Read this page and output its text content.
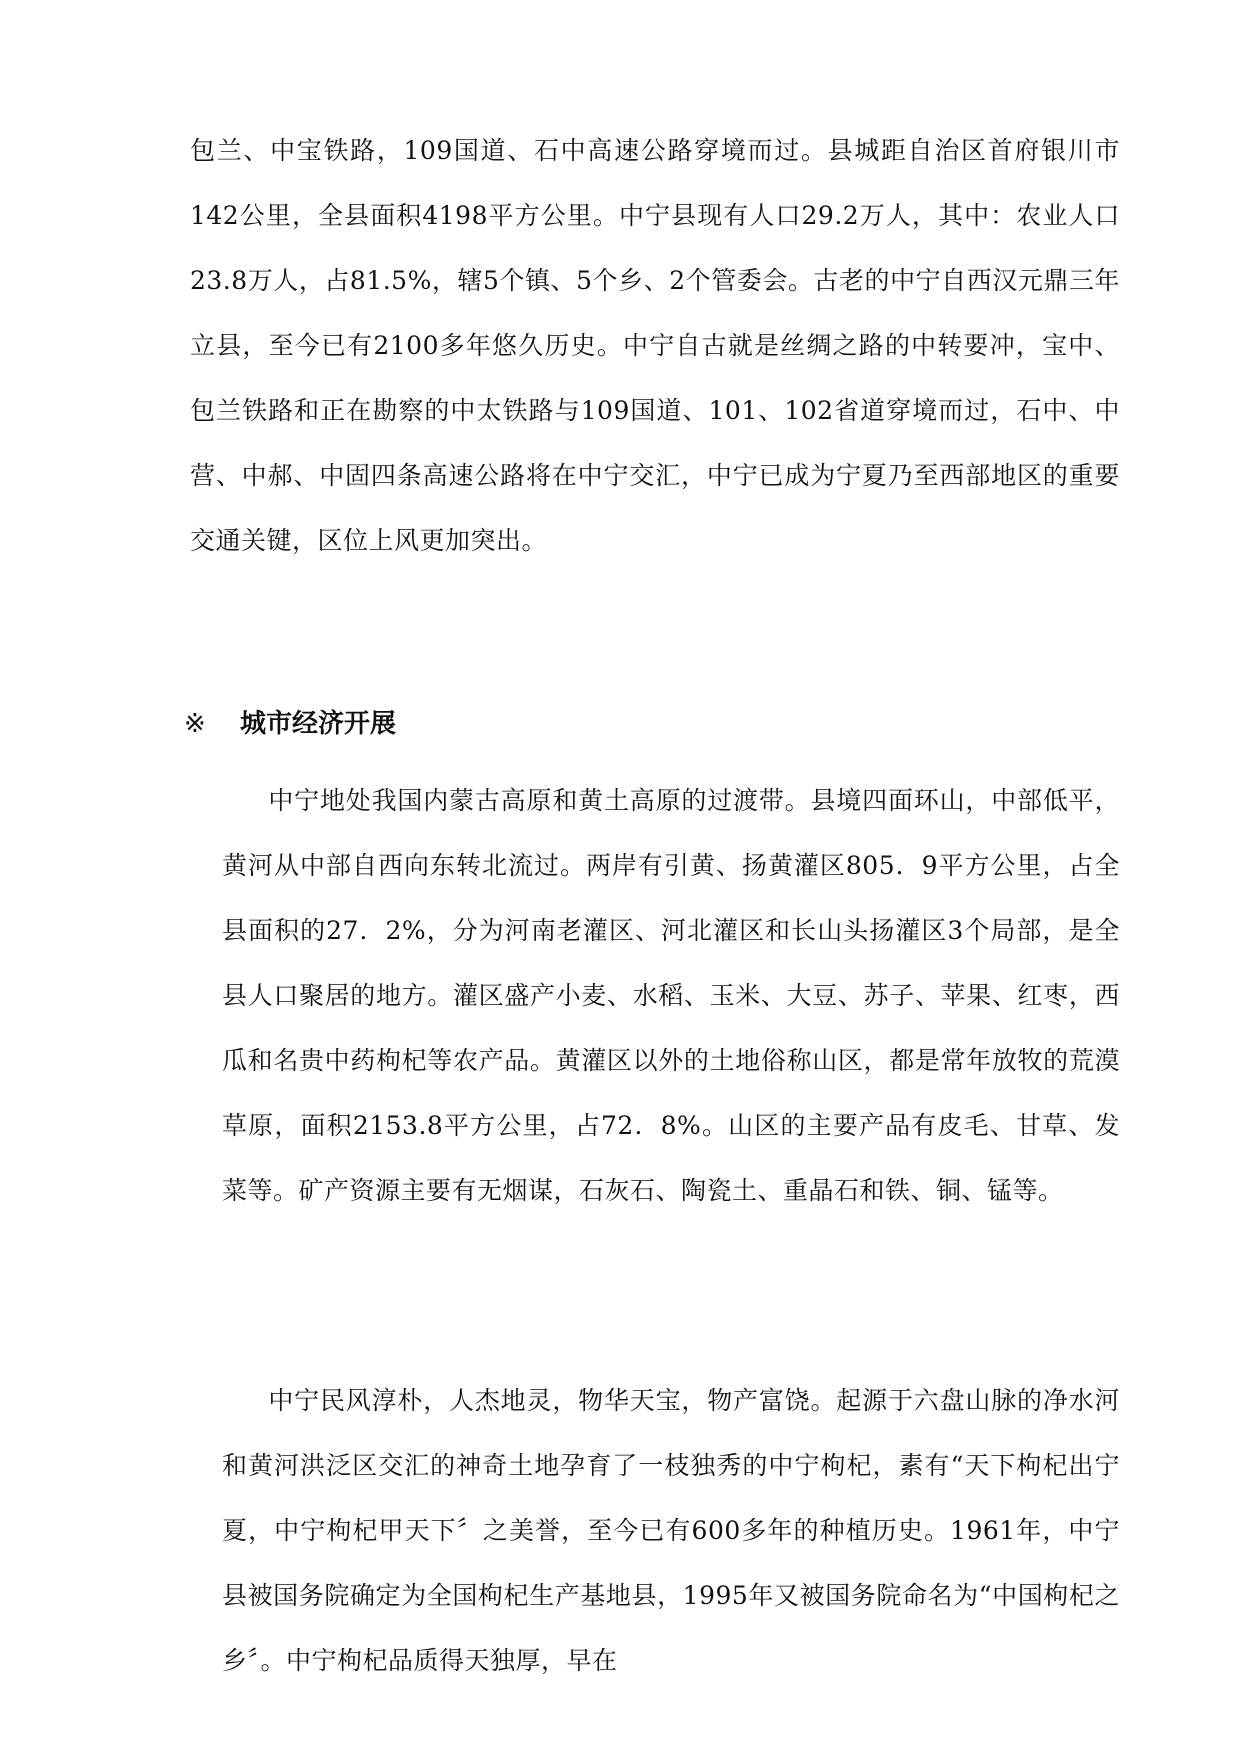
包兰、中宝铁路，109国道、石中高速公路穿境而过。县城距自治区首府银川市142公里，全县面积4198平方公里。中宁县现有人口29.2万人，其中：农业人口23.8万人，占81.5%，辖5个镇、5个乡、2个管委会。古老的中宁自西汉元鼎三年立县，至今已有2100多年悠久历史。中宁自古就是丝绸之路的中转要冲，宝中、包兰铁路和正在勘察的中太铁路与109国道、101、102省道穿境而过，石中、中营、中郝、中固四条高速公路将在中宁交汇，中宁已成为宁夏乃至西部地区的重要交通关键，区位上风更加突出。

※ 城市经济开展

中宁地处我国内蒙古高原和黄土高原的过渡带。县境四面环山，中部低平，黄河从中部自西向东转北流过。两岸有引黄、扬黄灌区805．9平方公里，占全县面积的27．2%，分为河南老灌区、河北灌区和长山头扬灌区3个局部，是全县人口聚居的地方。灌区盛产小麦、水稻、玉米、大豆、苏子、苹果、红枣，西瓜和名贵中药枸杞等农产品。黄灌区以外的土地俗称山区，都是常年放牧的荒漠草原，面积2153.8平方公里，占72．8%。山区的主要产品有皮毛、甘草、发菜等。矿产资源主要有无烟谋，石灰石、陶瓷土、重晶石和铁、铜、锰等。

中宁民风淳朴，人杰地灵，物华天宝，物产富饶。起源于六盘山脉的净水河和黄河洪泛区交汇的神奇土地孕育了一枝独秀的中宁枸杞，素有“天下枸杞出宁夏，中宁枸杞甲天下〞之美誉，至今已有600多年的种植历史。1961年，中宁县被国务院确定为全国枸杞生产基地县，1995年又被国务院命名为“中国枸杞之乡〞。中宁枸杞品质得天独厚，早在
